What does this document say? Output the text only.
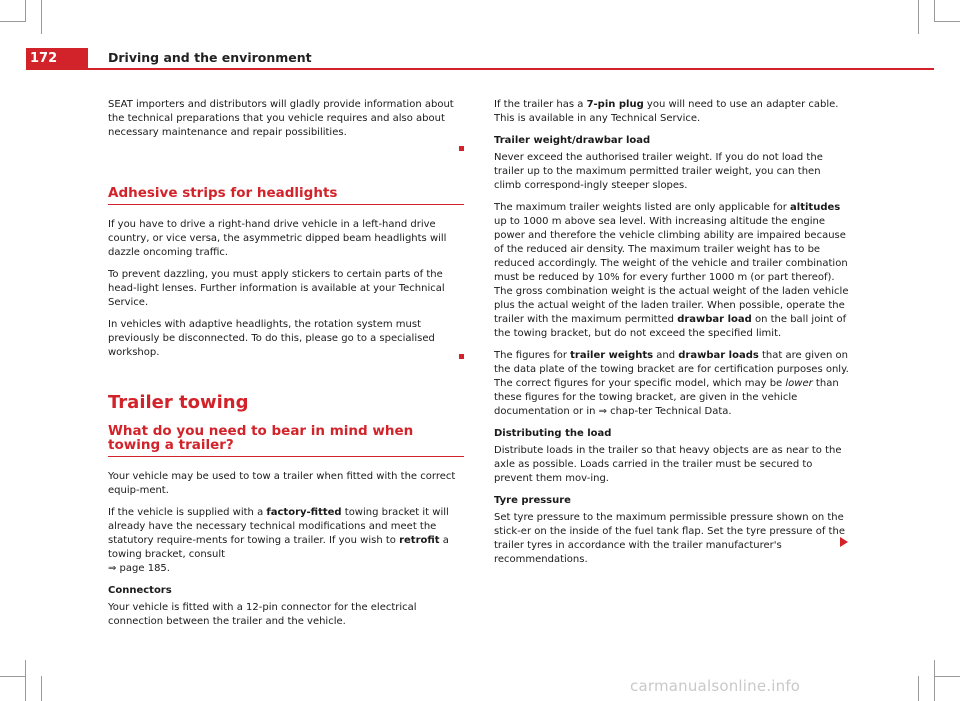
172	Driving and the environment

SEAT importers and distributors will gladly provide information about the technical preparations that you vehicle requires and also about necessary maintenance and repair possibilities.

Adhesive strips for headlights

If you have to drive a right-hand drive vehicle in a left-hand drive country, or vice versa, the asymmetric dipped beam headlights will dazzle oncoming traffic.

To prevent dazzling, you must apply stickers to certain parts of the head-light lenses. Further information is available at your Technical Service.

In vehicles with adaptive headlights, the rotation system must previously be disconnected. To do this, please go to a specialised workshop.

Trailer towing
What do you need to bear in mind when towing a trailer?

Your vehicle may be used to tow a trailer when fitted with the correct equip-ment.

If the vehicle is supplied with a factory-fitted towing bracket it will already have the necessary technical modifications and meet the statutory require-ments for towing a trailer. If you wish to retrofit a towing bracket, consult
⇒ page 185.

Connectors

Your vehicle is fitted with a 12-pin connector for the electrical connection between the trailer and the vehicle.

If the trailer has a 7-pin plug you will need to use an adapter cable. This is available in any Technical Service.

Trailer weight/drawbar load

Never exceed the authorised trailer weight. If you do not load the trailer up to the maximum permitted trailer weight, you can then climb correspond-ingly steeper slopes.

The maximum trailer weights listed are only applicable for altitudes up to 1000 m above sea level. With increasing altitude the engine power and therefore the vehicle climbing ability are impaired because of the reduced air density. The maximum trailer weight has to be reduced accordingly. The weight of the vehicle and trailer combination must be reduced by 10% for every further 1000 m (or part thereof). The gross combination weight is the actual weight of the laden vehicle plus the actual weight of the laden trailer. When possible, operate the trailer with the maximum permitted drawbar load on the ball joint of the towing bracket, but do not exceed the specified limit.

The figures for trailer weights and drawbar loads that are given on the data plate of the towing bracket are for certification purposes only. The correct figures for your specific model, which may be lower than these figures for the towing bracket, are given in the vehicle documentation or in ⇒ chap-ter Technical Data.

Distributing the load

Distribute loads in the trailer so that heavy objects are as near to the axle as possible. Loads carried in the trailer must be secured to prevent them mov-ing.

Tyre pressure

Set tyre pressure to the maximum permissible pressure shown on the stick-er on the inside of the fuel tank flap. Set the tyre pressure of the trailer tyres in accordance with the trailer manufacturer's recommendations.

carmanualsonline.info
